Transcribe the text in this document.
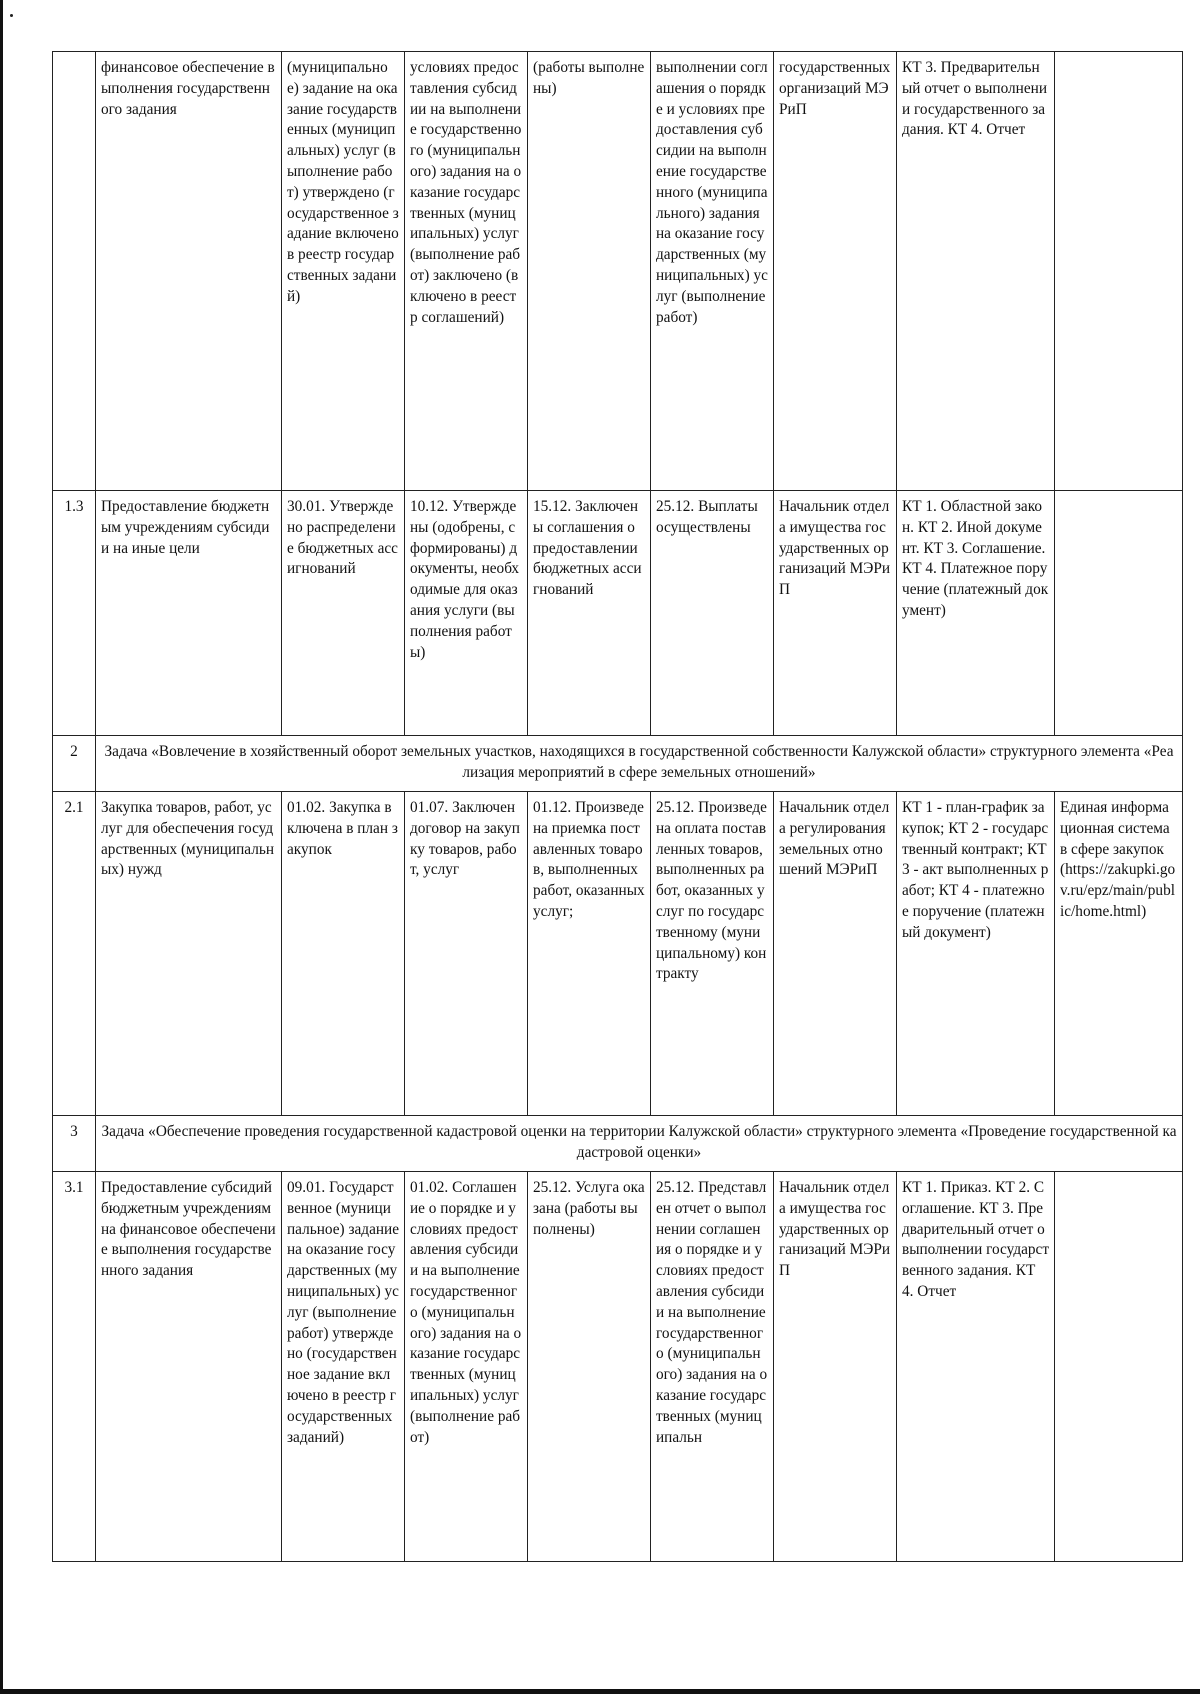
	финансовое обеспечение выполнения государственного задания	(муниципальное) задание на оказание государственных (муниципальных) услуг (выполнение работ) утверждено (государственное задание включено в реестр государственных заданий)	условиях предоставления субсидии на выполнение государственного (муниципального) задания на оказание государственных (муниципальных) услуг (выполнение работ) заключено (включено в реестр соглашений)	(работы выполнены)	выполнении соглашения о порядке и условиях предоставления субсидии на выполнение государственного (муниципального) задания на оказание государственных (муниципальных) услуг (выполнение работ)	государственных организаций МЭРиП	КТ 3. Предварительный отчет о выполнении государственного задания. КТ 4. Отчет	
1.3	Предоставление бюджетным учреждениям субсидии на иные цели	30.01. Утверждено распределение бюджетных ассигнований	10.12. Утверждены (одобрены, сформированы) документы, необходимые для оказания услуги (выполнения работы)	15.12. Заключены соглашения о предоставлении бюджетных ассигнований	25.12. Выплаты осуществлены	Начальник отдела имущества государственных организаций МЭРиП	КТ 1. Областной закон. КТ 2. Иной документ. КТ 3. Соглашение. КТ 4. Платежное поручение (платежный документ)	
2	Задача «Вовлечение в хозяйственный оборот земельных участков, находящихся в государственной собственности Калужской области» структурного элемента «Реализация мероприятий в сфере земельных отношений»							
2.1	Закупка товаров, работ, услуг для обеспечения государственных (муниципальных) нужд	01.02. Закупка включена в план закупок	01.07. Заключен договор на закупку товаров, работ, услуг	01.12. Произведена приемка поставленных товаров, выполненных работ, оказанных услуг;	25.12. Произведена оплата поставленных товаров, выполненных работ, оказанных услуг по государственному (муниципальному) контракту	Начальник отдела регулирования земельных отношений МЭРиП	КТ 1 - план-график закупок; КТ 2 - государственный контракт; КТ 3 - акт выполненных работ; КТ 4 - платежное поручение (платежный документ)	Единая информационная система в сфере закупок (https://zakupki.gov.ru/epz/main/public/home.html)
3	Задача «Обеспечение проведения государственной кадастровой оценки на территории Калужской области» структурного элемента «Проведение государственной кадастровой оценки»							
3.1	Предоставление субсидий бюджетным учреждениям на финансовое обеспечение выполнения государственного задания	09.01. Государственное (муниципальное) задание на оказание государственных (муниципальных) услуг (выполнение работ) утверждено (государственное задание включено в реестр государственных заданий)	01.02. Соглашение о порядке и условиях предоставления субсидии на выполнение государственного (муниципального) задания на оказание государственных (муниципальных) услуг (выполнение работ)	25.12. Услуга оказана (работы выполнены)	25.12. Представлен отчет о выполнении соглашения о порядке и условиях предоставления субсидии на выполнение государственного (муниципального) задания на оказание государственных (муниципальн	Начальник отдела имущества государственных организаций МЭРиП	КТ 1. Приказ. КТ 2. Соглашение. КТ 3. Предварительный отчет о выполнении государственного задания. КТ 4. Отчет	
